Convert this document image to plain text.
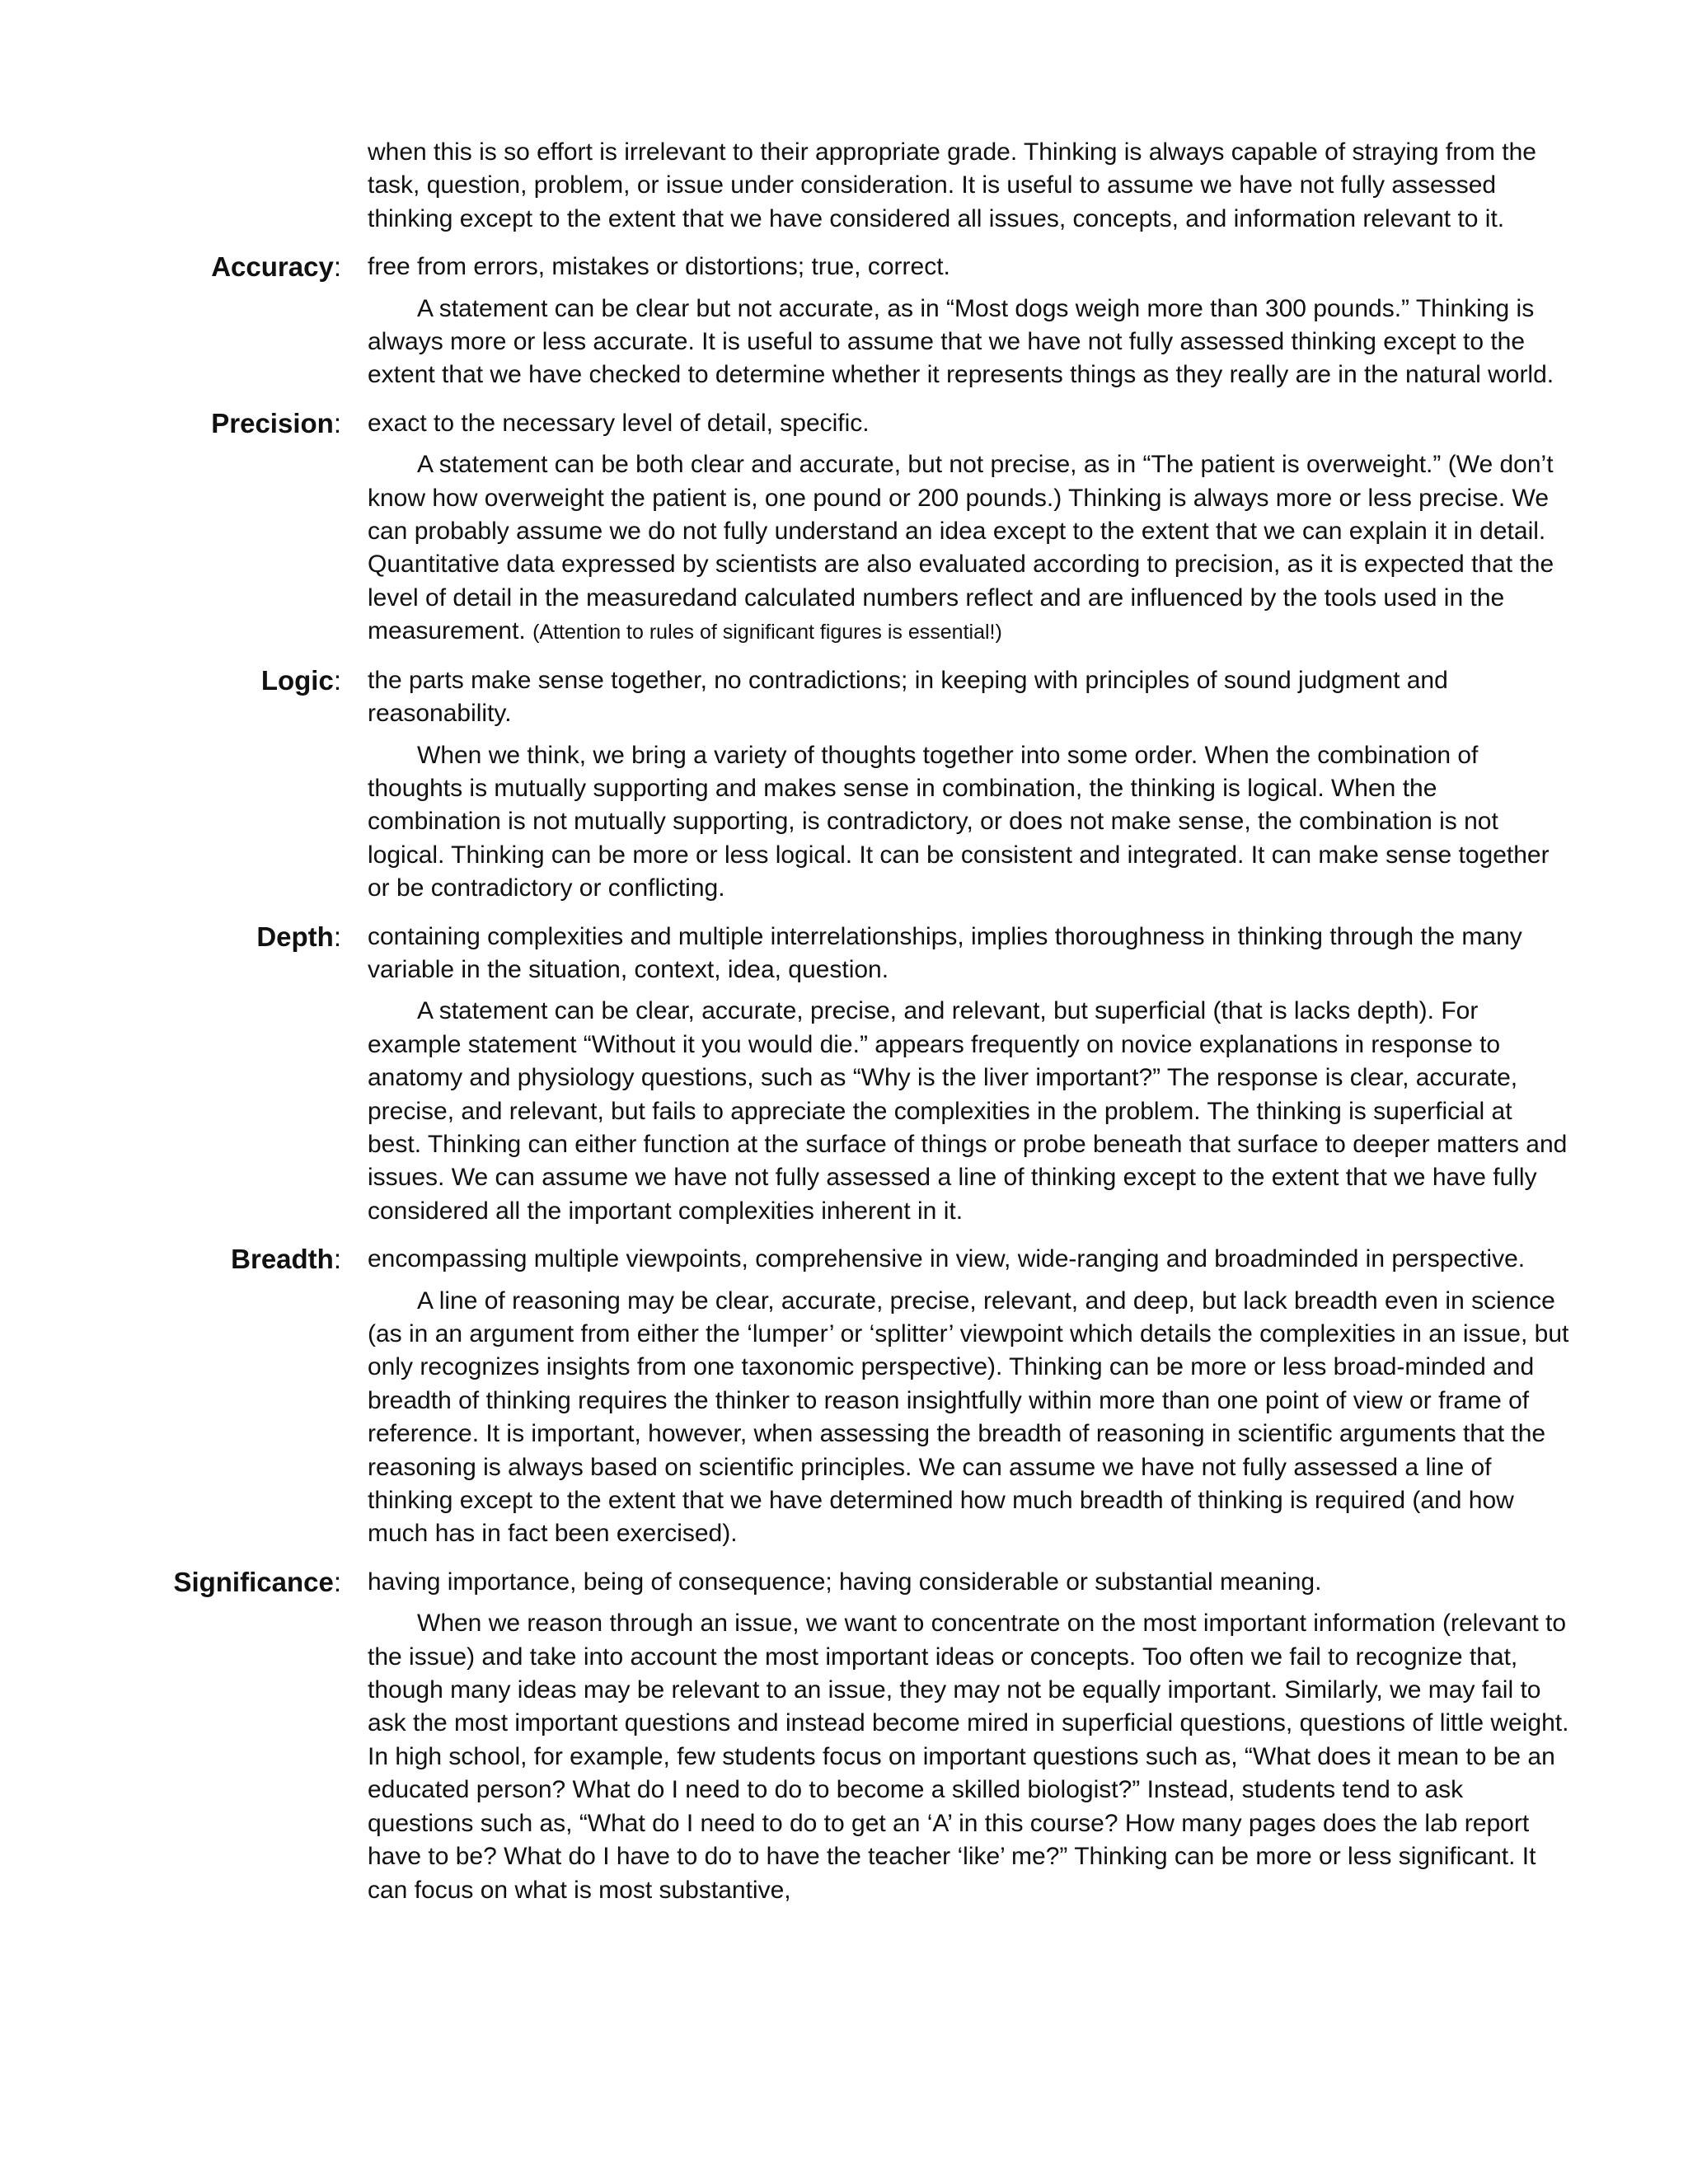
when this is so effort is irrelevant to their appropriate grade. Thinking is always capable of straying from the task, question, problem, or issue under consideration. It is useful to assume we have not fully assessed thinking except to the extent that we have considered all issues, concepts, and information relevant to it.
Accuracy: free from errors, mistakes or distortions; true, correct.
A statement can be clear but not accurate, as in “Most dogs weigh more than 300 pounds.” Thinking is always more or less accurate. It is useful to assume that we have not fully assessed thinking except to the extent that we have checked to determine whether it represents things as they really are in the natural world.
Precision: exact to the necessary level of detail, specific.
A statement can be both clear and accurate, but not precise, as in “The patient is overweight.” (We don’t know how overweight the patient is, one pound or 200 pounds.) Thinking is always more or less precise. We can probably assume we do not fully understand an idea except to the extent that we can explain it in detail. Quantitative data expressed by scientists are also evaluated according to precision, as it is expected that the level of detail in the measuredand calculated numbers reflect and are influenced by the tools used in the measurement. (Attention to rules of significant figures is essential!)
Logic: the parts make sense together, no contradictions; in keeping with principles of sound judgment and reasonability.
When we think, we bring a variety of thoughts together into some order. When the combination of thoughts is mutually supporting and makes sense in combination, the thinking is logical. When the combination is not mutually supporting, is contradictory, or does not make sense, the combination is not logical. Thinking can be more or less logical. It can be consistent and integrated. It can make sense together or be contradictory or conflicting.
Depth: containing complexities and multiple interrelationships, implies thoroughness in thinking through the many variable in the situation, context, idea, question.
A statement can be clear, accurate, precise, and relevant, but superficial (that is lacks depth). For example statement “Without it you would die.” appears frequently on novice explanations in response to anatomy and physiology questions, such as “Why is the liver important?” The response is clear, accurate, precise, and relevant, but fails to appreciate the complexities in the problem. The thinking is superficial at best. Thinking can either function at the surface of things or probe beneath that surface to deeper matters and issues. We can assume we have not fully assessed a line of thinking except to the extent that we have fully considered all the important complexities inherent in it.
Breadth: encompassing multiple viewpoints, comprehensive in view, wide-ranging and broadminded in perspective.
A line of reasoning may be clear, accurate, precise, relevant, and deep, but lack breadth even in science (as in an argument from either the ‘lumper’ or ‘splitter’ viewpoint which details the complexities in an issue, but only recognizes insights from one taxonomic perspective). Thinking can be more or less broad-minded and breadth of thinking requires the thinker to reason insightfully within more than one point of view or frame of reference. It is important, however, when assessing the breadth of reasoning in scientific arguments that the reasoning is always based on scientific principles. We can assume we have not fully assessed a line of thinking except to the extent that we have determined how much breadth of thinking is required (and how much has in fact been exercised).
Significance: having importance, being of consequence; having considerable or substantial meaning.
When we reason through an issue, we want to concentrate on the most important information (relevant to the issue) and take into account the most important ideas or concepts. Too often we fail to recognize that, though many ideas may be relevant to an issue, they may not be equally important. Similarly, we may fail to ask the most important questions and instead become mired in superficial questions, questions of little weight. In high school, for example, few students focus on important questions such as, “What does it mean to be an educated person? What do I need to do to become a skilled biologist?” Instead, students tend to ask questions such as, “What do I need to do to get an ‘A’ in this course? How many pages does the lab report have to be? What do I have to do to have the teacher ‘like’ me?” Thinking can be more or less significant. It can focus on what is most substantive,
